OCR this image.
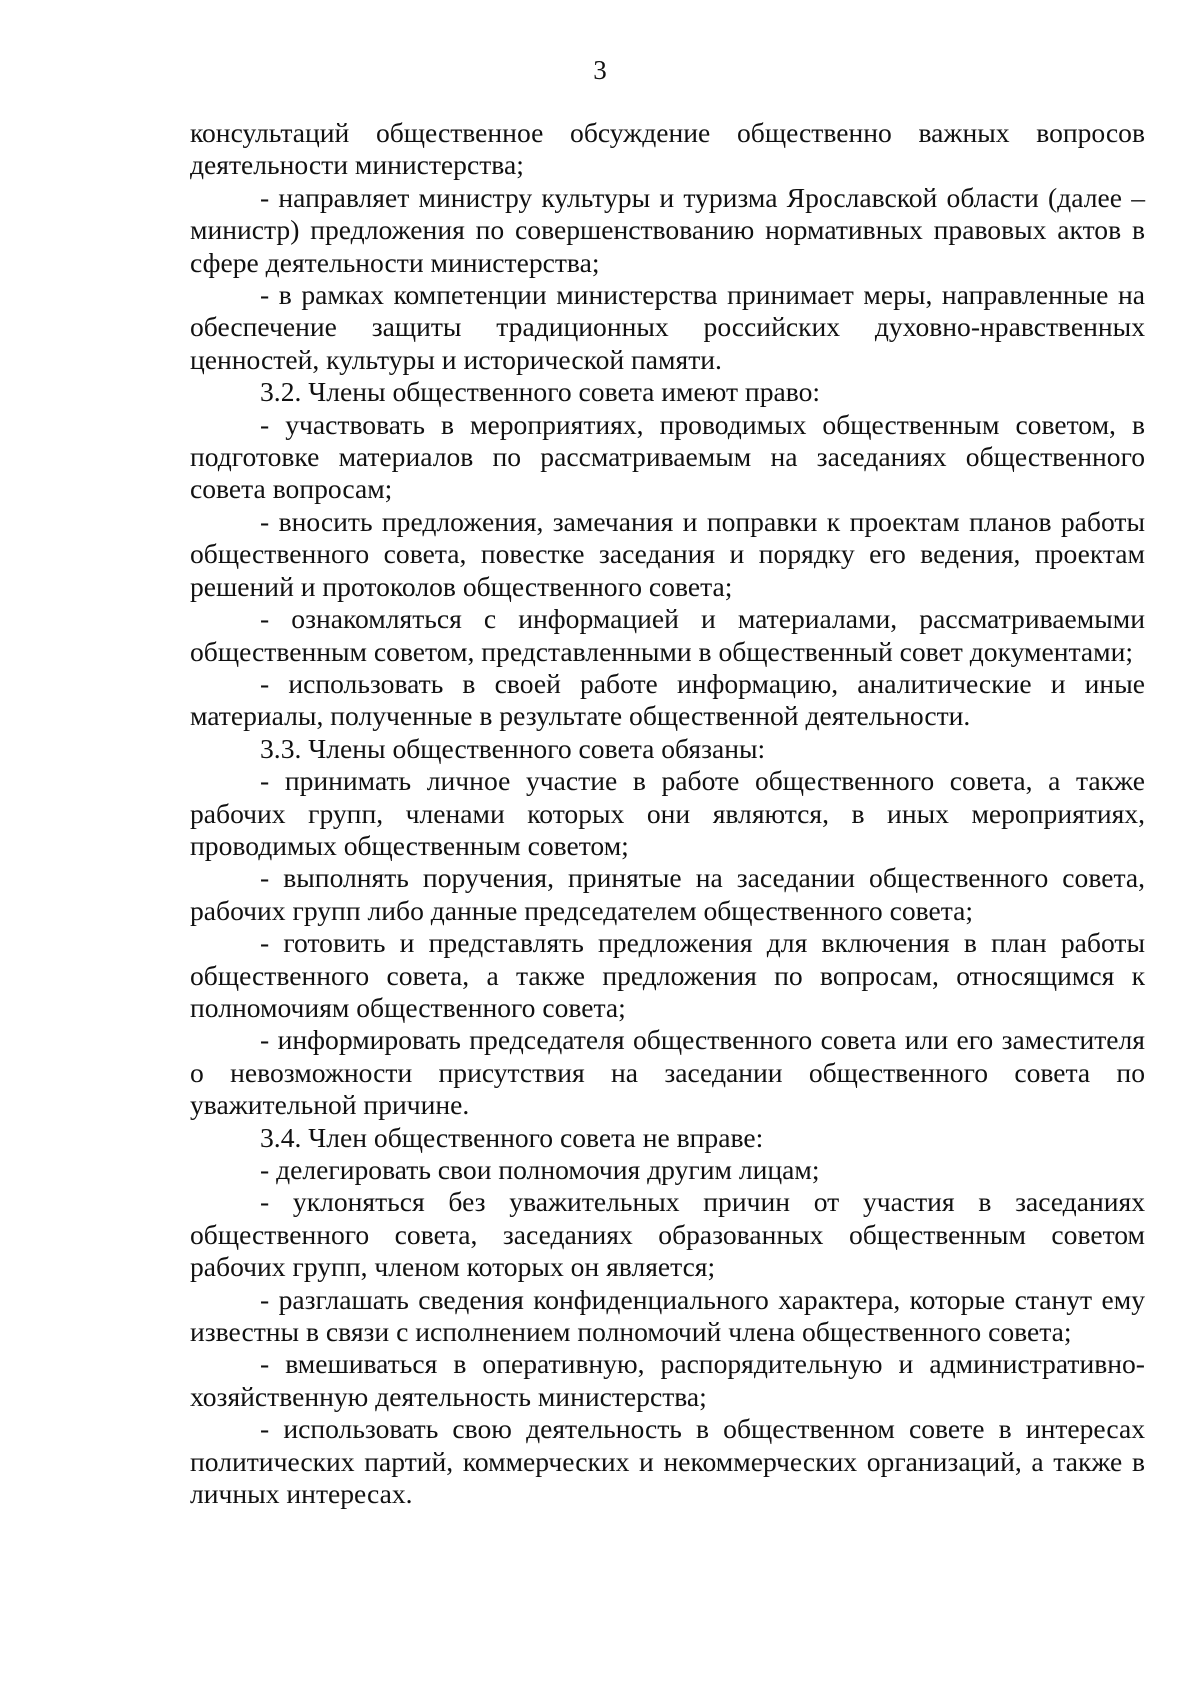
3

консультаций общественное обсуждение общественно важных вопросов деятельности министерства;

- направляет министру культуры и туризма Ярославской области (далее – министр) предложения по совершенствованию нормативных правовых актов в сфере деятельности министерства;

- в рамках компетенции министерства принимает меры, направленные на обеспечение защиты традиционных российских духовно-нравственных ценностей, культуры и исторической памяти.

3.2. Члены общественного совета имеют право:

- участвовать в мероприятиях, проводимых общественным советом, в подготовке материалов по рассматриваемым на заседаниях общественного совета вопросам;

- вносить предложения, замечания и поправки к проектам планов работы общественного совета, повестке заседания и порядку его ведения, проектам решений и протоколов общественного совета;

- ознакомляться с информацией и материалами, рассматриваемыми общественным советом, представленными в общественный совет документами;

- использовать в своей работе информацию, аналитические и иные материалы, полученные в результате общественной деятельности.

3.3. Члены общественного совета обязаны:

- принимать личное участие в работе общественного совета, а также рабочих групп, членами которых они являются, в иных мероприятиях, проводимых общественным советом;

- выполнять поручения, принятые на заседании общественного совета, рабочих групп либо данные председателем общественного совета;

- готовить и представлять предложения для включения в план работы общественного совета, а также предложения по вопросам, относящимся к полномочиям общественного совета;

- информировать председателя общественного совета или его заместителя о невозможности присутствия на заседании общественного совета по уважительной причине.

3.4. Член общественного совета не вправе:

- делегировать свои полномочия другим лицам;

- уклоняться без уважительных причин от участия в заседаниях общественного совета, заседаниях образованных общественным советом рабочих групп, членом которых он является;

- разглашать сведения конфиденциального характера, которые станут ему известны в связи с исполнением полномочий члена общественного совета;

- вмешиваться в оперативную, распорядительную и административно-хозяйственную деятельность министерства;

- использовать свою деятельность в общественном совете в интересах политических партий, коммерческих и некоммерческих организаций, а также в личных интересах.
